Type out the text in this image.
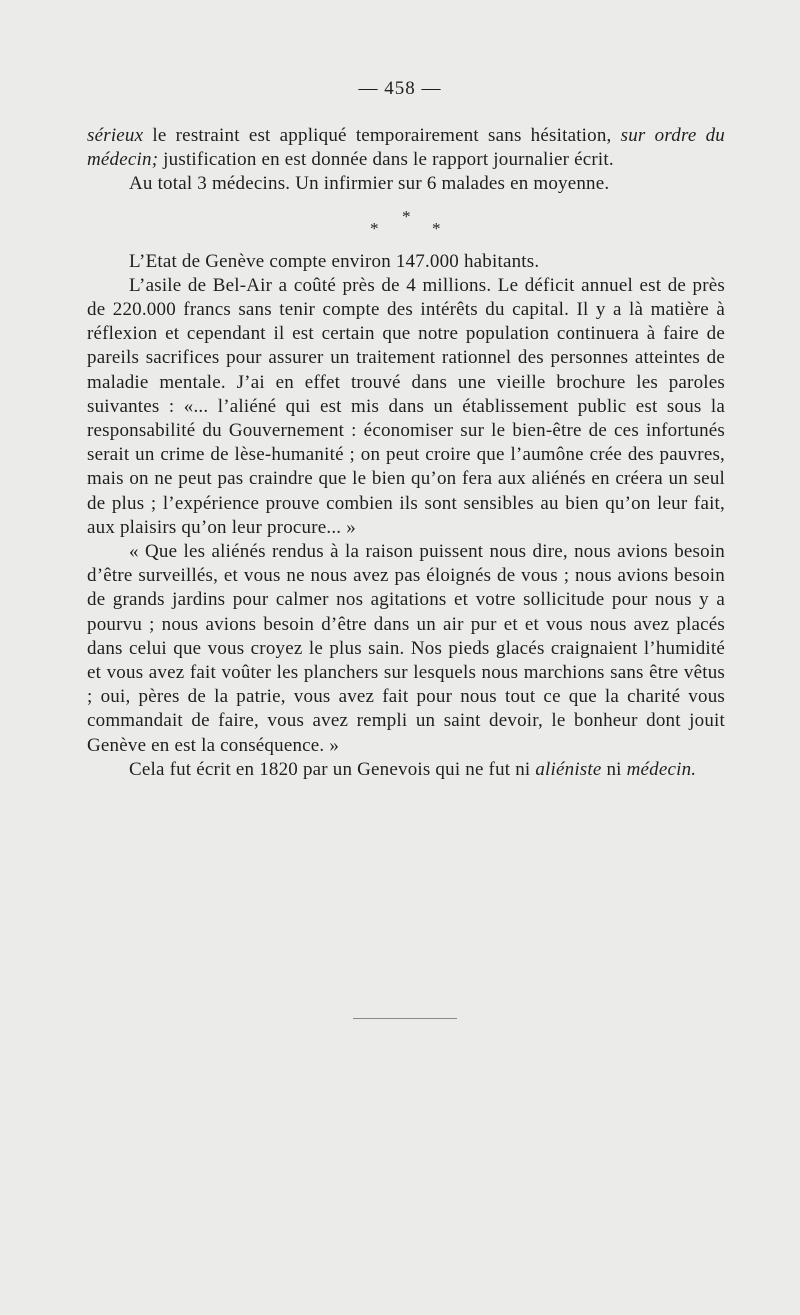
— 458 —

sérieux le restraint est appliqué temporairement sans hésitation, sur ordre du médecin; justification en est donnée dans le rapport journalier écrit.

Au total 3 médecins. Un infirmier sur 6 malades en moyenne.

*
*	*

L’Etat de Genève compte environ 147.000 habitants.

L’asile de Bel-Air a coûté près de 4 millions. Le déficit annuel est de près de 220.000 francs sans tenir compte des intérêts du capital. Il y a là matière à réflexion et cependant il est certain que notre population continuera à faire de pareils sacrifices pour assurer un traitement rationnel des personnes atteintes de maladie mentale. J’ai en effet trouvé dans une vieille brochure les paroles suivantes : «... l’aliéné qui est mis dans un établissement public est sous la responsabilité du Gouvernement : économiser sur le bien-être de ces infortunés serait un crime de lèse-humanité ; on peut croire que l’aumône crée des pauvres, mais on ne peut pas craindre que le bien qu’on fera aux aliénés en créera un seul de plus ; l’expérience prouve combien ils sont sensibles au bien qu’on leur fait, aux plaisirs qu’on leur procure... »

« Que les aliénés rendus à la raison puissent nous dire, nous avions besoin d’être surveillés, et vous ne nous avez pas éloignés de vous ; nous avions besoin de grands jardins pour calmer nos agitations et votre sollicitude pour nous y a pourvu ; nous avions besoin d’être dans un air pur et et vous nous avez placés dans celui que vous croyez le plus sain. Nos pieds glacés craignaient l’humidité et vous avez fait voûter les planchers sur lesquels nous marchions sans être vêtus ; oui, pères de la patrie, vous avez fait pour nous tout ce que la charité vous commandait de faire, vous avez rempli un saint devoir, le bonheur dont jouit Genève en est la conséquence. »

Cela fut écrit en 1820 par un Genevois qui ne fut ni aliéniste ni médecin.
